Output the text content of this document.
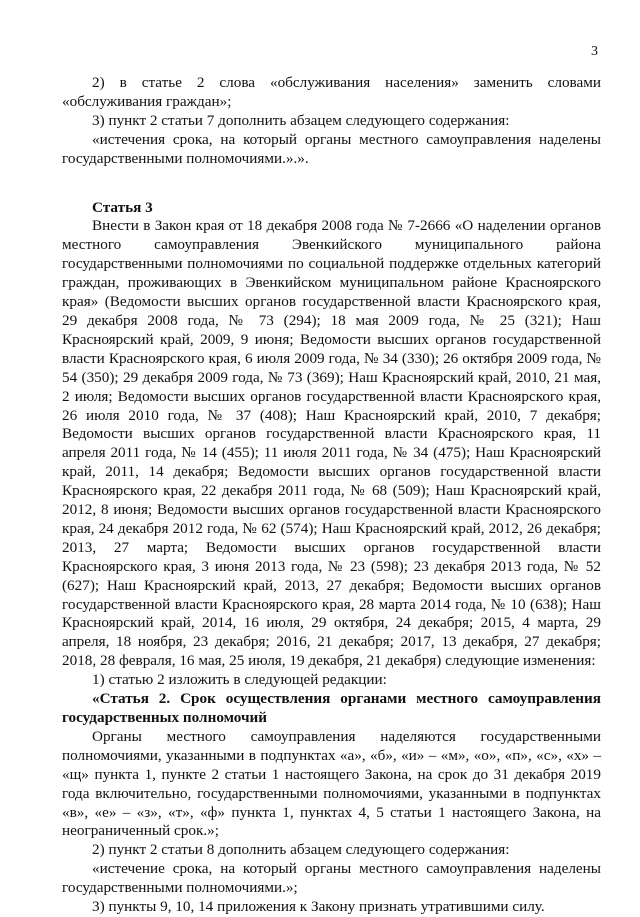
3

2) в статье 2 слова «обслуживания населения» заменить словами «обслуживания граждан»;

3) пункт 2 статьи 7 дополнить абзацем следующего содержания:

«истечения срока, на который органы местного самоуправления наделены государственными полномочиями.».».

Статья 3

Внести в Закон края от 18 декабря 2008 года № 7-2666 «О наделении органов местного самоуправления Эвенкийского муниципального района государственными полномочиями по социальной поддержке отдельных категорий граждан, проживающих в Эвенкийском муниципальном районе Красноярского края» (Ведомости высших органов государственной власти Красноярского края, 29 декабря 2008 года, № 73 (294); 18 мая 2009 года, № 25 (321); Наш Красноярский край, 2009, 9 июня; Ведомости высших органов государственной власти Красноярского края, 6 июля 2009 года, № 34 (330); 26 октября 2009 года, № 54 (350); 29 декабря 2009 года, № 73 (369); Наш Красноярский край, 2010, 21 мая, 2 июля; Ведомости высших органов государственной власти Красноярского края, 26 июля 2010 года, № 37 (408); Наш Красноярский край, 2010, 7 декабря; Ведомости высших органов государственной власти Красноярского края, 11 апреля 2011 года, № 14 (455); 11 июля 2011 года, № 34 (475); Наш Красноярский край, 2011, 14 декабря; Ведомости высших органов государственной власти Красноярского края, 22 декабря 2011 года, № 68 (509); Наш Красноярский край, 2012, 8 июня; Ведомости высших органов государственной власти Красноярского края, 24 декабря 2012 года, № 62 (574); Наш Красноярский край, 2012, 26 декабря; 2013, 27 марта; Ведомости высших органов государственной власти Красноярского края, 3 июня 2013 года, № 23 (598); 23 декабря 2013 года, № 52 (627); Наш Красноярский край, 2013, 27 декабря; Ведомости высших органов государственной власти Красноярского края, 28 марта 2014 года, № 10 (638); Наш Красноярский край, 2014, 16 июля, 29 октября, 24 декабря; 2015, 4 марта, 29 апреля, 18 ноября, 23 декабря; 2016, 21 декабря; 2017, 13 декабря, 27 декабря; 2018, 28 февраля, 16 мая, 25 июля, 19 декабря, 21 декабря) следующие изменения:

1) статью 2 изложить в следующей редакции:

«Статья 2. Срок осуществления органами местного самоуправления государственных полномочий

Органы местного самоуправления наделяются государственными полномочиями, указанными в подпунктах «а», «б», «и» – «м», «о», «п», «с», «х» – «щ» пункта 1, пункте 2 статьи 1 настоящего Закона, на срок до 31 декабря 2019 года включительно, государственными полномочиями, указанными в подпунктах «в», «е» – «з», «т», «ф» пункта 1, пунктах 4, 5 статьи 1 настоящего Закона, на неограниченный срок.»;

2) пункт 2 статьи 8 дополнить абзацем следующего содержания:

«истечение срока, на который органы местного самоуправления наделены государственными полномочиями.»;

3) пункты 9, 10, 14 приложения к Закону признать утратившими силу.
